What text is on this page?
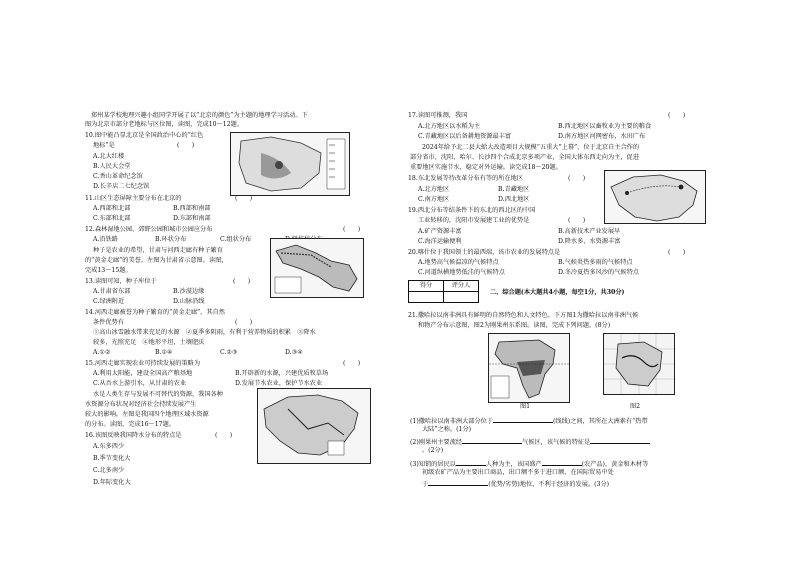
郑州某学校地理兴趣小组同学开展了以“北京的颜色”为主题的地理学习活动。下
图为北京市部分老地标与区位图，读图，完成10～12题。
10.图中能凸显北京是全国政治中心的“红色
地标”是	(　　)
A.北大红楼
B.人民大会堂
C.香山革命纪念馆
D.长辛店二七纪念馆
11.山区生态屏障主要分布在北京的	(　　)
A.西部和北部	B.西部和南部
C.东部和北部	D.东部和南部
12.森林湿地公园、郊野公园和城市公园应分布	(　　)
A.沿铁路	B.环状分布	C.组状分布
种子是农业的希望，甘肃与河西走廊有种子繁育
的“黄金走廊”的美誉。左图为甘肃省示意图。读图，
完成13～15题。
13.读图可知，种子库位于	(　　)
A.甘肃省东部	B.沙漠边缘
C.绿洲附近	D.山脉沿线
14.河西走廊被誉为种子繁育的“黄金走廊”，其自然
条件优势有	(　　)
①高山冰雪融水带来充足的水源　②夏季多阴雨，有利于营养物质的积累　③降水
较多，光照充足　④地形平坦，土壤肥沃
A.①②	B.①④	C.②③	D.③④
15.河西走廊实现农业可持续发展的策略为	(　　)
A.利用太阳能，建设全国高产粮基地	B.开辟新的水源，兴建优质牧草场
C.从吾水上游引水，从甘肃的农业	D.发展节水农业，保护节水农业
水是人类生存与发展不可替代的资源，我国各种
水资源分布状况对经济社会持续发展产生
较大的影响。左图是我国四个地理区域水资源
的分布。读图，完成16～17题。
16.该图反映我国降水分布的特点是	(　　)
A.东多西少
B.季节变化大
C.北多南少
D.年际变化大
17.读图可推测，我国	(　　)
A.北方地区以水稻为主	B.西北地区以畜牧业为主要的粮食
C.青藏地区以后备耕地资源最丰富	D.南方地区河网密布，水田广布
2024年给予北二县大蛤大改造项目大规模“五重大”上幕”，位于北京自主合作的
部分省市，沈阳、哈尔、长沙四个合成北京多项产业，全国大体东西走向为主，促进
重要地区实施节水，稳定对外运输。读完成18～20题。
18.东北发展等待改革分布有等的所在地区	(　　)
A.北方地区	B.青藏地区
C.南方地区	D.西北地区
19.西北分布等结条件下的东北的西北区的中国
工业转移的，沈阳市发展建工业的优势是	(　　)
A.矿产资源丰富	B.高新技术产业发展早
C.海洋运输便利	D.降水多，水资源丰富
20.喀什位于我国领土的最西端，该市农业的发展特点是	(　　)
A.地势高气候温凉的气候特点	B.气候炎热多雨的气候特点
C.河道纵横地势低洼的气候特点	D.冬冷夏热多风沙的气候特点
得分	评分人

二、综合题(本大题共4小题，每空1分，共30分)
21.撒哈拉以南非洲具有鲜明的自然特色和人文特色。下方图1为撒哈拉以南非洲气候
和物产分布示意图，图2为刚果州东系图。读图，完成下列问题。(8分)
图1	图2
(1)撒哈拉以南非洲大部分位于	(线线)之间，其所在大洲素有“热带
大陆”之称。(1分)
(2)刚果州主要流经	气候区，该气候的特征是
。(2分)
(3)知销的居民以	人种为主，该国盛产	(农产品)，黄金和木材等
初级农矿产品为主要出口商品，出口额不多于进口额，在国际贸易中处
于	(优势/劣势)地位，不利于经济的发展。(3分)
